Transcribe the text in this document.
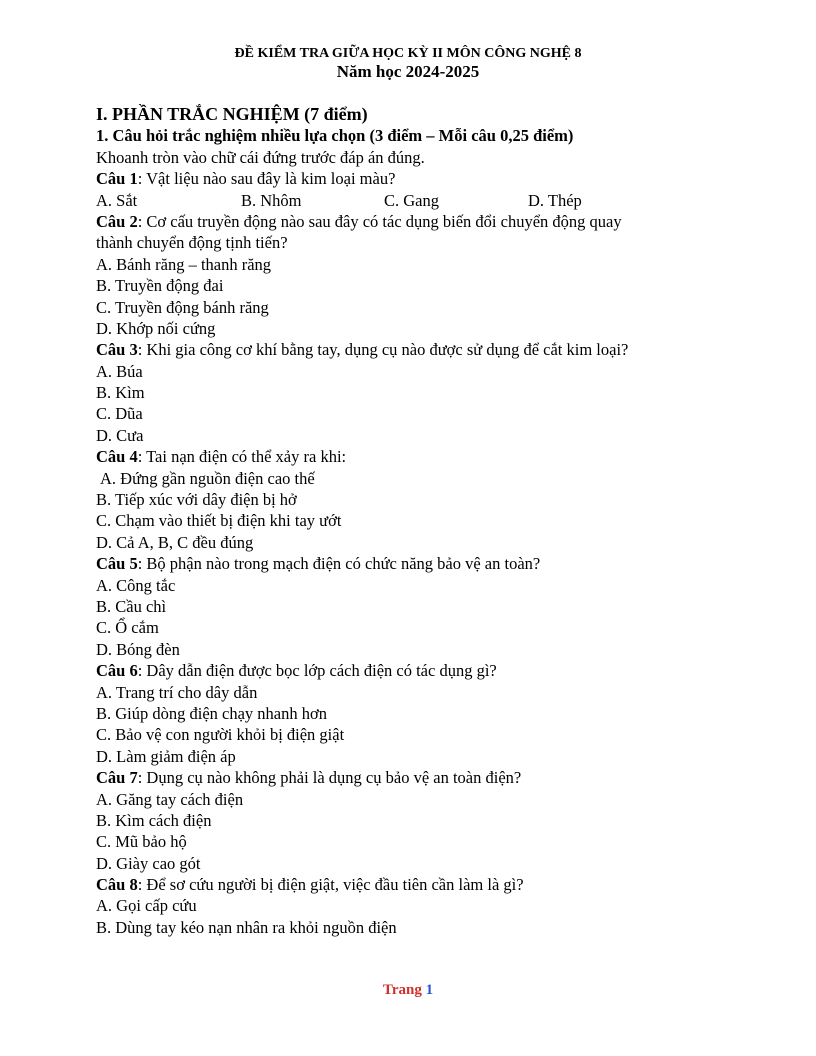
ĐỀ KIỂM TRA GIỮA HỌC KỲ II MÔN CÔNG NGHỆ 8
Năm học 2024-2025
I. PHẦN TRẮC NGHIỆM (7 điểm)
1. Câu hỏi trắc nghiệm nhiều lựa chọn (3 điểm – Mỗi câu 0,25 điểm)
Khoanh tròn vào chữ cái đứng trước đáp án đúng.
Câu 1: Vật liệu nào sau đây là kim loại màu?
A. Sắt	B. Nhôm	C. Gang	D. Thép
Câu 2: Cơ cấu truyền động nào sau đây có tác dụng biến đổi chuyển động quay
thành chuyển động tịnh tiến?
A. Bánh răng – thanh răng
B. Truyền động đai
C. Truyền động bánh răng
D. Khớp nối cứng
Câu 3: Khi gia công cơ khí bằng tay, dụng cụ nào được sử dụng để cắt kim loại?
A. Búa
B. Kìm
C. Dũa
D. Cưa
Câu 4: Tai nạn điện có thể xảy ra khi:
A. Đứng gần nguồn điện cao thế
B. Tiếp xúc với dây điện bị hở
C. Chạm vào thiết bị điện khi tay ướt
D. Cả A, B, C đều đúng
Câu 5: Bộ phận nào trong mạch điện có chức năng bảo vệ an toàn?
A. Công tắc
B. Cầu chì
C. Ổ cắm
D. Bóng đèn
Câu 6: Dây dẫn điện được bọc lớp cách điện có tác dụng gì?
A. Trang trí cho dây dẫn
B. Giúp dòng điện chạy nhanh hơn
C. Bảo vệ con người khỏi bị điện giật
D. Làm giảm điện áp
Câu 7: Dụng cụ nào không phải là dụng cụ bảo vệ an toàn điện?
A. Găng tay cách điện
B. Kìm cách điện
C. Mũ bảo hộ
D. Giày cao gót
Câu 8: Để sơ cứu người bị điện giật, việc đầu tiên cần làm là gì?
A. Gọi cấp cứu
B. Dùng tay kéo nạn nhân ra khỏi nguồn điện
Trang 1
